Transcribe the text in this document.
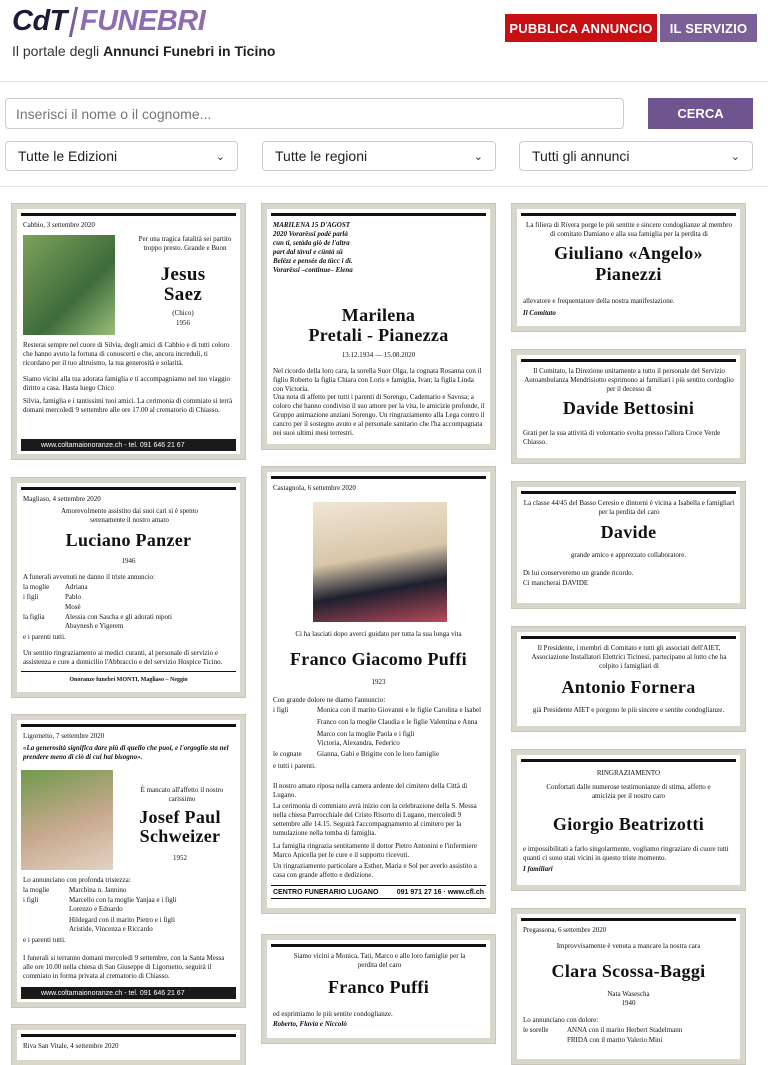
CdT FUNEBRI
Il portale degli Annunci Funebri in Ticino
PUBBLICA ANNUNCIO	IL SERVIZIO
Inserisci il nome o il cognome...
CERCA
Tutte le Edizioni	⌄	Tutte le regioni	⌄	Tutti gli annunci	⌄
Cabbio, 3 settembre 2020
Per una tragica fatalità sei partito troppo presto. Grande e Buon
Jesus
Saez
(Chico)
1956
Resterai sempre nel cuore di Silvia, degli amici di Cabbio e di tutti coloro che hanno avuto la fortuna di conoscerti e che, ancora increduli, ti ricordano per il tuo altruismo, la tua generosità e solarità.
Siamo vicini alla tua adorata famiglia e ti accompagniamo nel tuo viaggio diritto a casa. Hasta luego Chico
Silvia, famiglia e i tantissimi tuoi amici. La cerimonia di commiato si terrà domani mercoledì 9 settembre alle ore 17.00 al crematorio di Chiasso.
www.coltamaionoranze.ch - tel. 091 646 21 67
Magliaso, 4 settembre 2020
Amorevolmente assistito dai suoi cari si è spento serenamente il nostro amato
Luciano Panzer
1946
A funerali avvenuti ne danno il triste annuncio:
la moglie Adriana
i figli	Pablo
Mosè
la figlia	Alessia con Sascha e gli adorati nipoti Abaynesh e Yigerem
e i parenti tutti.
Un sentito ringraziamento ai medici curanti, al personale di servizio e assistenza e cure a domicilio l'Abbraccio e del servizio Hospice Ticino.
Onoranze funebri MONTI, Magliaso – Neggio
Ligornetto, 7 settembre 2020
«La generosità significa dare più di quello che puoi, e l'orgoglio sta nel prendere meno di ciò di cui hai bisogno».
È mancato all'affetto il nostro carissimo
Josef Paul
Schweizer
1952
Lo annunciano con profonda tristezza:
la moglie	Marchina n. Jannino
i figli	Marcello con la moglie Yanjaa e i figli Lorenzo e Edoardo
Hildegard con il marito Pietro e i figli Aristide, Vincenza e Riccardo
e i parenti tutti.
I funerali si terranno domani mercoledì 9 settembre, con la Santa Messa alle ore 10.00 nella chiesa di San Giuseppe di Ligornetto, seguirà il commiato in forma privata al crematorio di Chiasso.
www.coltamaionoranze.ch - tel. 091 646 21 67
Riva San Vitale, 4 settembre 2020
MARILENA 15 D'AGOST 2020 Vorarëssi podé parlà cun ti, setàda giò de l'altra part dal tàvul e cüntà sü Belëzz e pensée da tücc i dì. Vorarëssi –continue– Elena
Marilena
Pretali - Pianezza
13.12.1934 — 15.08.2020
Nel ricordo della loro cara, la sorella Suor Olga, la cognata Rosanna con il figlio Roberto la figlia Chiara con Loris e famiglia, Ivan; la figlia Linda con Victoria.
Una nota di affetto per tutti i parenti di Sorengo, Cademario e Savosa; a coloro che hanno condiviso il suo amore per la vita, le amicizie profonde, il Gruppo animazione anziani Sorengo. Un ringraziamento alla Lega contro il cancro per il sostegno avuto e al personale sanitario che l'ha accompagnata nei suoi ultimi mesi terrestri.
Castagnola, 6 settembre 2020
Ci ha lasciati dopo averci guidato per tutta la sua lunga vita
Franco Giacomo Puffi
1923
Con grande dolore ne diamo l'annuncio:
i figli	Monica con il marito Giovanni e le figlie Carolina e Isabel
Franco con la moglie Claudia e le figlie Valentina e Anna
Marco con la moglie Paola e i figli Victoria, Alexandra, Federico
le cognate Gianna, Gabi e Brigitte con le loro famiglie
e tutti i parenti.
Il nostro amato riposa nella camera ardente del cimitero della Città di Lugano.
La cerimonia di commiato avrà inizio con la celebrazione della S. Messa nella chiesa Parrocchiale del Cristo Risorto di Lugano, mercoledì 9 settembre alle 14.15. Seguirà l'accompagnamento al cimitero per la tumulazione nella tomba di famiglia.
La famiglia ringrazia sentitamente il dottor Pietro Antonini e l'infermiere Marco Apicella per le cure e il supporto ricevuti.
Un ringraziamento particolare a Esther, Maria e Sol per averlo assistito a casa con grande affetto e dedizione.
CENTRO FUNERARIO LUGANO	091 971 27 16 · www.cfl.ch
Siamo vicini a Monica, Tati, Marco e alle loro famiglie per la perdita del caro
Franco Puffi
ed esprimiamo le più sentite condoglianze.
Roberto, Flavia e Niccolò
La filiera di Rivera porge le più sentite e sincere condoglianze al membro di comitato Damiano e alla sua famiglia per la perdita di
Giuliano «Angelo»
Pianezzi
allevatore e frequentatore della nostra manifestazione.
Il Comitato
Il Comitato, la Direzione unitamente a tutto il personale del Servizio Autoambulanza Mendrisiotto esprimono ai familiari i più sentito cordoglio per il decesso di
Davide Bettosini
Grati per la sua attività di volontario svolta presso l'allora Croce Verde Chiasso.
La classe 44/45 del Basso Ceresio e dintorni è vicina a Isabella e famigliari per la perdita del caro
Davide
grande amico e apprezzato collaboratore.
Di lui conserveremo un grande ricordo.
Ci mancherai DAVIDE
Il Presidente, i membri di Comitato e tutti gli associati dell'AIET, Associazione Installatori Elettrici Ticinesi, partecipano al lutto che ha colpito i famigliari di
Antonio Fornera
già Presidente AIET e porgono le più sincere e sentite condoglianze.
RINGRAZIAMENTO
Confortati dalle numerose testimonianze di stima, affetto e amicizia per il nostro caro
Giorgio Beatrizotti
e impossibilitati a farlo singolarmente, vogliamo ringraziare di cuore tutti quanti ci sono stati vicini in questo triste momento.
I familiari
Pregassona, 6 settembre 2020
Improvvisamente è venuta a mancare la nostra cara
Clara Scossa-Baggi
Nata Wasescha
1940
Lo annunciano con dolore:
le sorelle	ANNA con il marito Herbert Stadelmann
FRIDA con il marito Valerio Mini
